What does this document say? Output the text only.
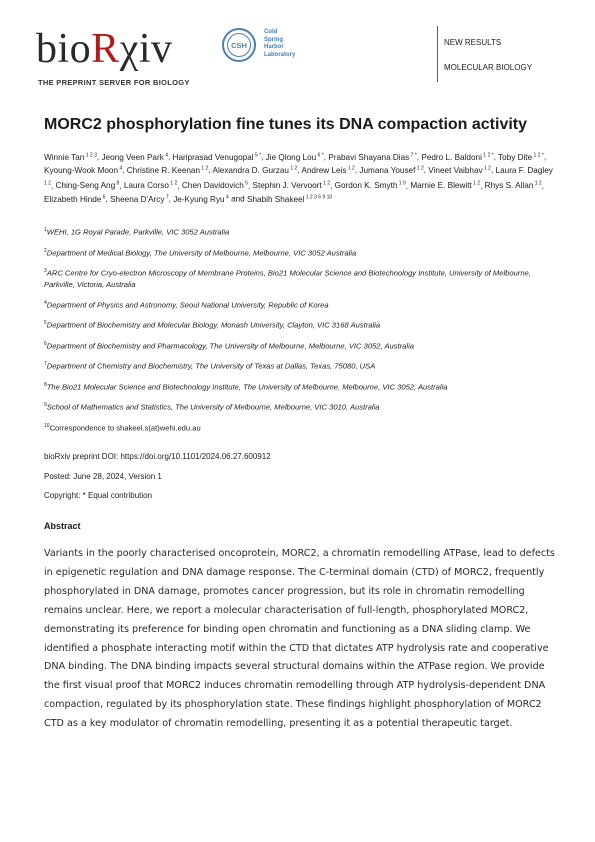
bioRχiv
THE PREPRINT SERVER FOR BIOLOGY
CSH
Cold
Spring
Harbor
Laboratory
NEW RESULTS
MOLECULAR BIOLOGY
MORC2 phosphorylation fine tunes its DNA compaction activity
Winnie Tan $^{1 2 3}$, Jeong Veen Park $^4$, Hariprasad Venugopal $^{5 *}$, Jie Qiong Lou $^{6 *}$, Prabavi Shayana Dias $^{7 *}$, Pedro L. Baldoni $^{1 2 *}$, Toby Dite $^{1 2 *}$, Kyoung-Wook Moon $^4$, Christine R. Keenan $^{1 2}$, Alexandra D. Gurzau $^{1 2}$, Andrew Leis $^{1 2}$, Jumana Yousef $^{1 2}$, Vineet Vaibhav $^{1 2}$, Laura F. Dagley $^{1 2}$, Ching-Seng Ang $^8$, Laura Corso $^{1 2}$, Chen Davidovich $^5$, Stephin J. Vervoort $^{1 2}$, Gordon K. Smyth $^{1 9}$, Marnie E. Blewitt $^{1 2}$, Rhys S. Allan $^{1 2}$, Elizabeth Hinde $^6$, Sheena D'Arcy $^7$, Je-Kyung Ryu $^4$ and Shabih Shakeel $^{1 2 3 6 9 10}$
$^1$WEHI, 1G Royal Parade, Parkville, VIC 3052 Australia
$^2$Department of Medical Biology, The University of Melbourne, Melbourne, VIC 3052 Australia
$^3$ARC Centre for Cryo-electron Microscopy of Membrane Proteins, Bio21 Molecular Science and Biotechnology Institute, University of Melbourne, Parkville, Victoria, Australia
$^4$Department of Physics and Astronomy, Seoul National University, Republic of Korea
$^5$Department of Biochemistry and Molecular Biology, Monash University, Clayton, VIC 3168 Australia
$^6$Department of Biochemistry and Pharmacology, The University of Melbourne, Melbourne, VIC 3052, Australia
$^7$Department of Chemistry and Biochemistry, The University of Texas at Dallas, Texas, 75080, USA
$^8$The Bio21 Molecular Science and Biotechnology Institute, The University of Melbourne, Melbourne, VIC 3052, Australia
$^9$School of Mathematics and Statistics, The University of Melbourne, Melbourne, VIC 3010, Australia
$^{10}$Correspondence to shakeel.s(at)wehi.edu.au
bioRxiv preprint DOI: https://doi.org/10.1101/2024.06.27.600912
Posted: June 28, 2024, Version 1
Copyright: * Equal contribution
Abstract
Variants in the poorly characterised oncoprotein, MORC2, a chromatin remodelling ATPase, lead to defects in epigenetic regulation and DNA damage response. The C-terminal domain (CTD) of MORC2, frequently phosphorylated in DNA damage, promotes cancer progression, but its role in chromatin remodelling remains unclear. Here, we report a molecular characterisation of full-length, phosphorylated MORC2, demonstrating its preference for binding open chromatin and functioning as a DNA sliding clamp. We identified a phosphate interacting motif within the CTD that dictates ATP hydrolysis rate and cooperative DNA binding. The DNA binding impacts several structural domains within the ATPase region. We provide the first visual proof that MORC2 induces chromatin remodelling through ATP hydrolysis-dependent DNA compaction, regulated by its phosphorylation state. These findings highlight phosphorylation of MORC2 CTD as a key modulator of chromatin remodelling, presenting it as a potential therapeutic target.
